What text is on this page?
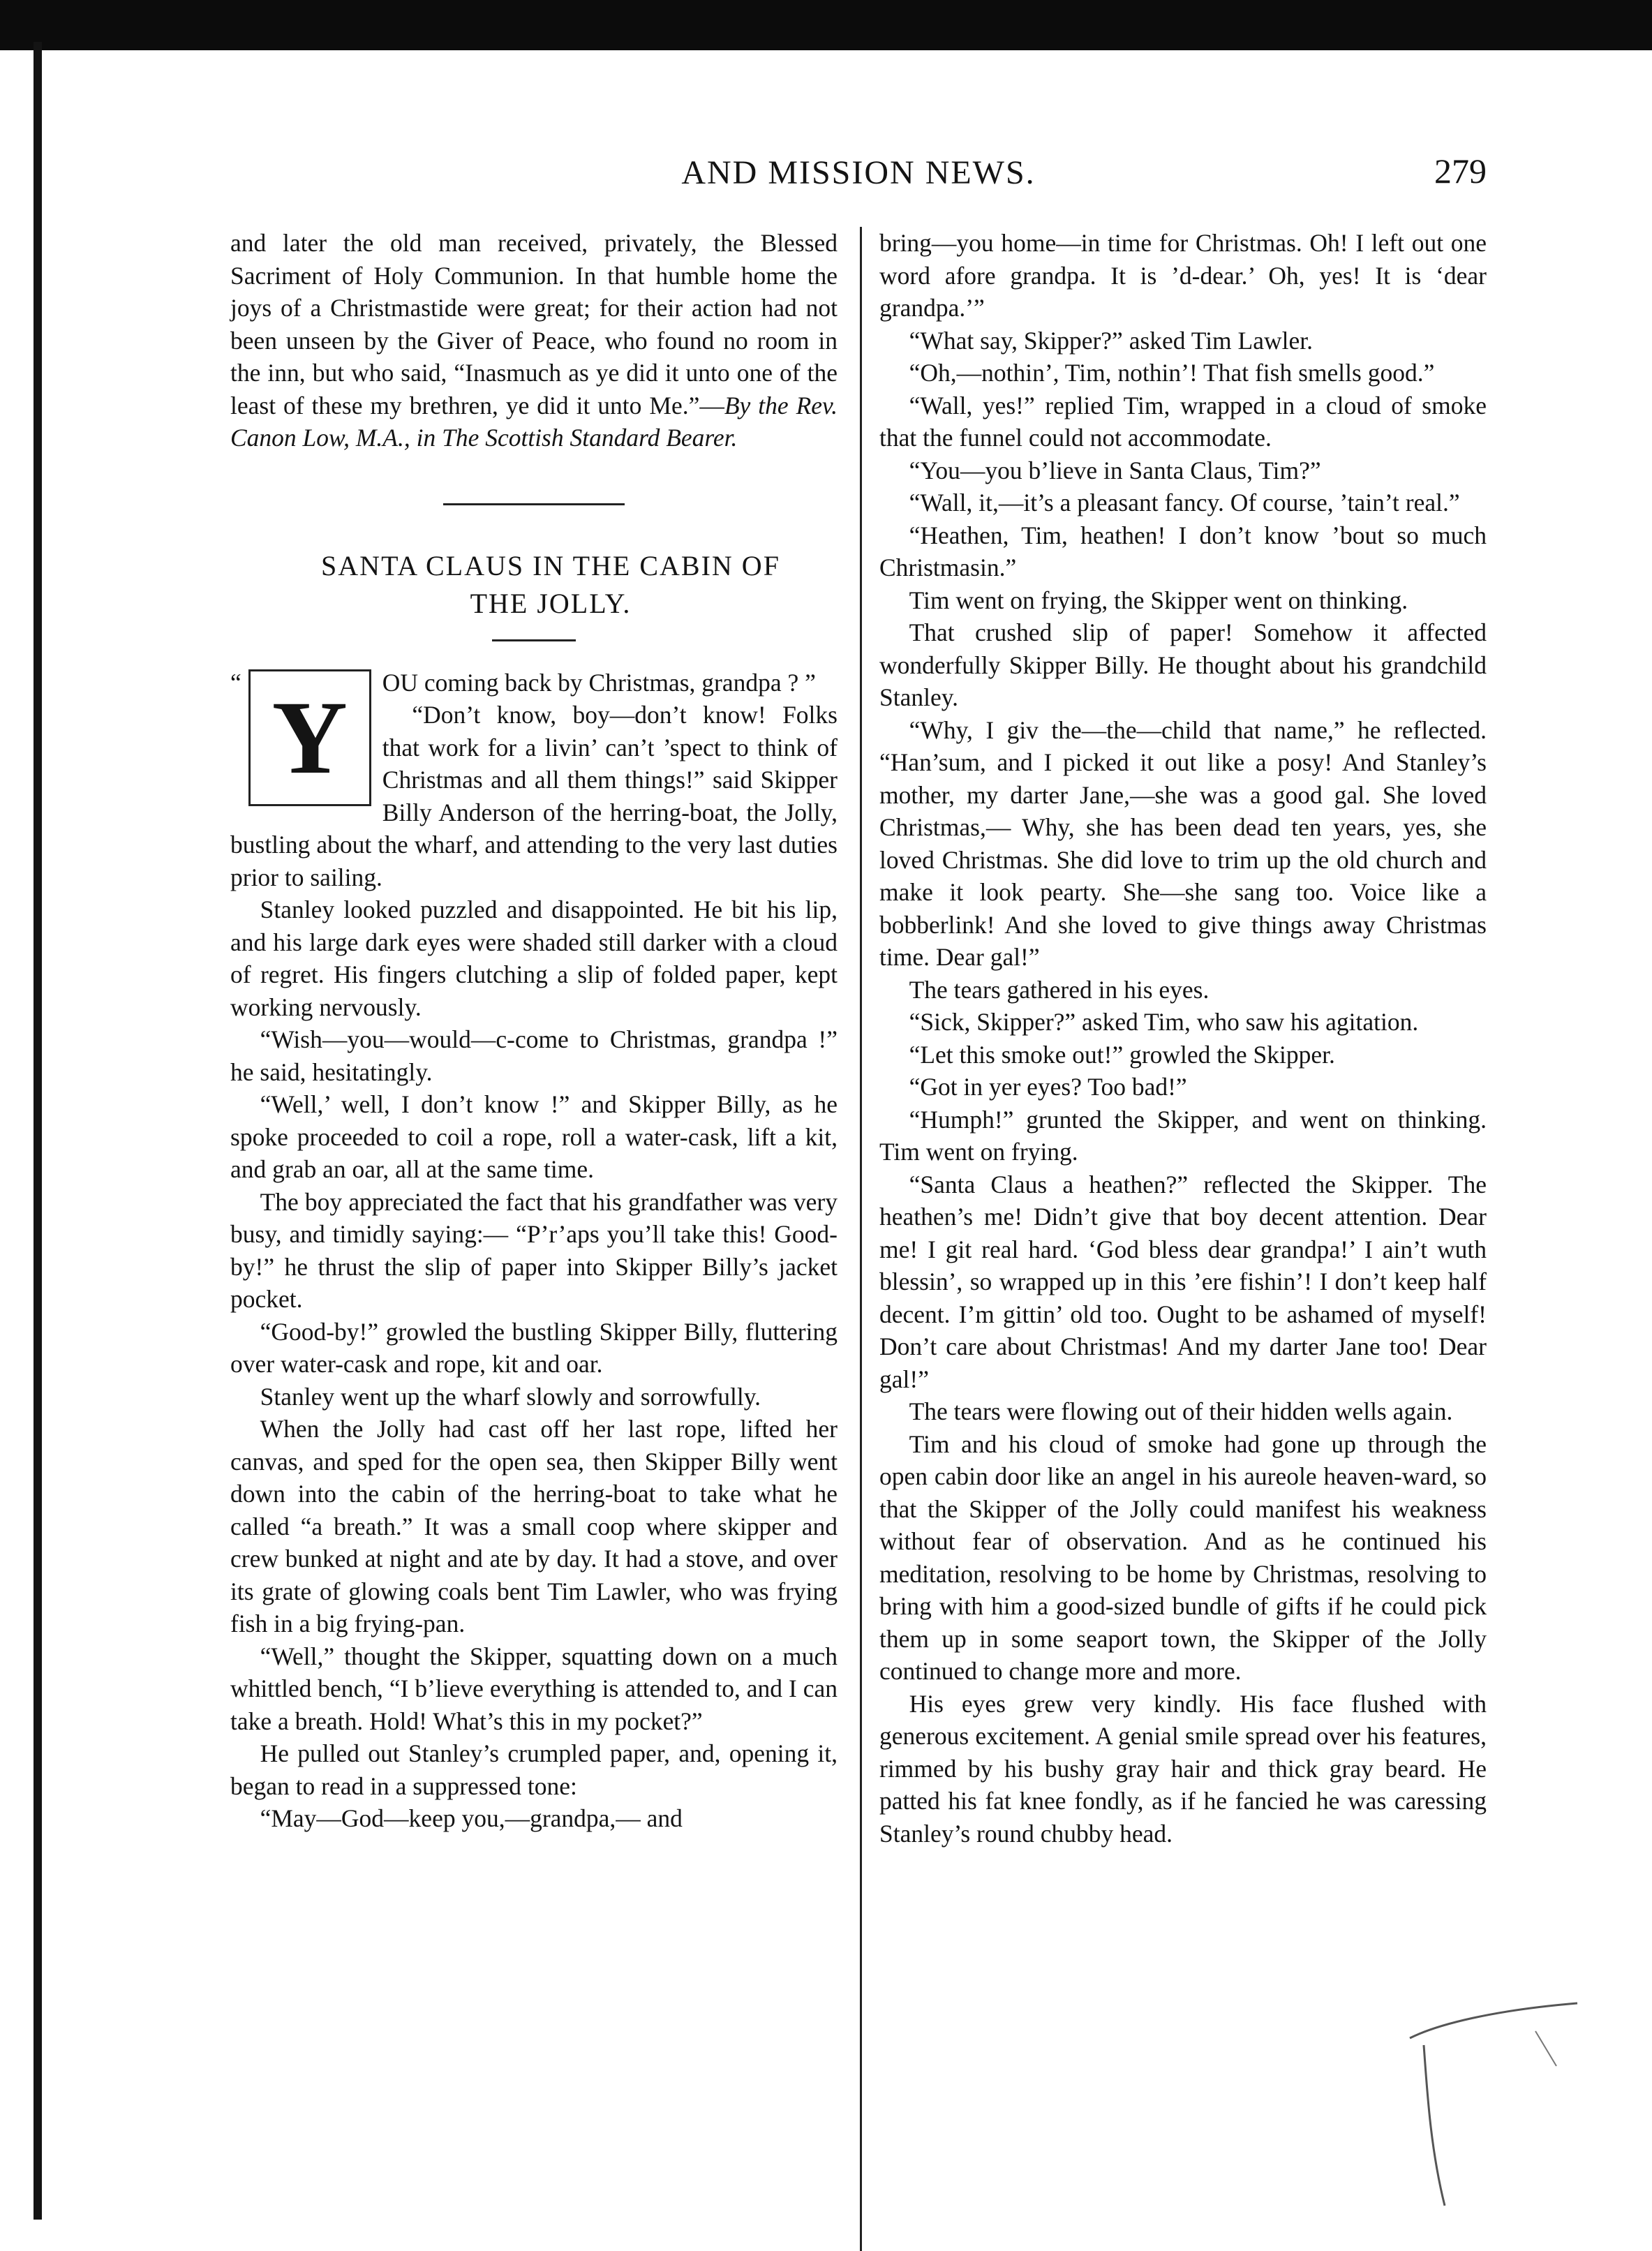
AND MISSION NEWS.	279

and later the old man received, privately, the Blessed Sacriment of Holy Communion. In that humble home the joys of a Christmastide were great; for their action had not been unseen by the Giver of Peace, who found no room in the inn, but who said, “Inasmuch as ye did it unto one of the least of these my brethren, ye did it unto Me.”—By the Rev. Canon Low, M.A., in The Scottish Standard Bearer.

SANTA CLAUS IN THE CABIN OF

THE JOLLY.

“ Y	OU coming back by Christmas, grandpa ? ”

“Don’t know, boy—don’t know! Folks that work for a livin’ can’t ’spect to think of Christmas and all them things!” said Skipper Billy Anderson of the herring-boat, the Jolly, bustling about the wharf, and attending to the very last duties prior to sailing.

Stanley looked puzzled and disappointed. He bit his lip, and his large dark eyes were shaded still darker with a cloud of regret. His fingers clutching a slip of folded paper, kept working nervously.

“Wish—you—would—c-come to Christmas, grandpa !” he said, hesitatingly.

“Well,’ well, I don’t know !” and Skipper Billy, as he spoke proceeded to coil a rope, roll a water-cask, lift a kit, and grab an oar, all at the same time.

The boy appreciated the fact that his grandfather was very busy, and timidly saying:— “P’r’aps you’ll take this! Good-by!” he thrust the slip of paper into Skipper Billy’s jacket pocket.

“Good-by!” growled the bustling Skipper Billy, fluttering over water-cask and rope, kit and oar.

Stanley went up the wharf slowly and sorrowfully.

When the Jolly had cast off her last rope, lifted her canvas, and sped for the open sea, then Skipper Billy went down into the cabin of the herring-boat to take what he called “a breath.” It was a small coop where skipper and crew bunked at night and ate by day. It had a stove, and over its grate of glowing coals bent Tim Lawler, who was frying fish in a big frying-pan.

“Well,” thought the Skipper, squatting down on a much whittled bench, “I b’lieve everything is attended to, and I can take a breath. Hold! What’s this in my pocket?”

He pulled out Stanley’s crumpled paper, and, opening it, began to read in a suppressed tone:

“May—God—keep you,—grandpa,— and

bring—you home—in time for Christmas. Oh! I left out one word afore grandpa. It is ’d-dear.’ Oh, yes! It is ‘dear grandpa.’”

“What say, Skipper?” asked Tim Lawler.

“Oh,—nothin’, Tim, nothin’! That fish smells good.”

“Wall, yes!” replied Tim, wrapped in a cloud of smoke that the funnel could not accommodate.

“You—you b’lieve in Santa Claus, Tim?”

“Wall, it,—it’s a pleasant fancy. Of course, ’tain’t real.”

“Heathen, Tim, heathen! I don’t know ’bout so much Christmasin.”

Tim went on frying, the Skipper went on thinking.

That crushed slip of paper! Somehow it affected wonderfully Skipper Billy. He thought about his grandchild Stanley.

“Why, I giv the—the—child that name,” he reflected. “Han’sum, and I picked it out like a posy! And Stanley’s mother, my darter Jane,—she was a good gal. She loved Christmas,— Why, she has been dead ten years, yes, she loved Christmas. She did love to trim up the old church and make it look pearty. She—she sang too. Voice like a bobberlink! And she loved to give things away Christmas time. Dear gal!”

The tears gathered in his eyes.

“Sick, Skipper?” asked Tim, who saw his agitation.

“Let this smoke out!” growled the Skipper.

“Got in yer eyes? Too bad!”

“Humph!” grunted the Skipper, and went on thinking. Tim went on frying.

“Santa Claus a heathen?” reflected the Skipper. The heathen’s me! Didn’t give that boy decent attention. Dear me! I git real hard. ‘God bless dear grandpa!’ I ain’t wuth blessin’, so wrapped up in this ’ere fishin’! I don’t keep half decent. I’m gittin’ old too. Ought to be ashamed of myself! Don’t care about Christmas! And my darter Jane too! Dear gal!”

The tears were flowing out of their hidden wells again.

Tim and his cloud of smoke had gone up through the open cabin door like an angel in his aureole heaven-ward, so that the Skipper of the Jolly could manifest his weakness without fear of observation. And as he continued his meditation, resolving to be home by Christmas, resolving to bring with him a good-sized bundle of gifts if he could pick them up in some seaport town, the Skipper of the Jolly continued to change more and more.

His eyes grew very kindly. His face flushed with generous excitement. A genial smile spread over his features, rimmed by his bushy gray hair and thick gray beard. He patted his fat knee fondly, as if he fancied he was caressing Stanley’s round chubby head.
